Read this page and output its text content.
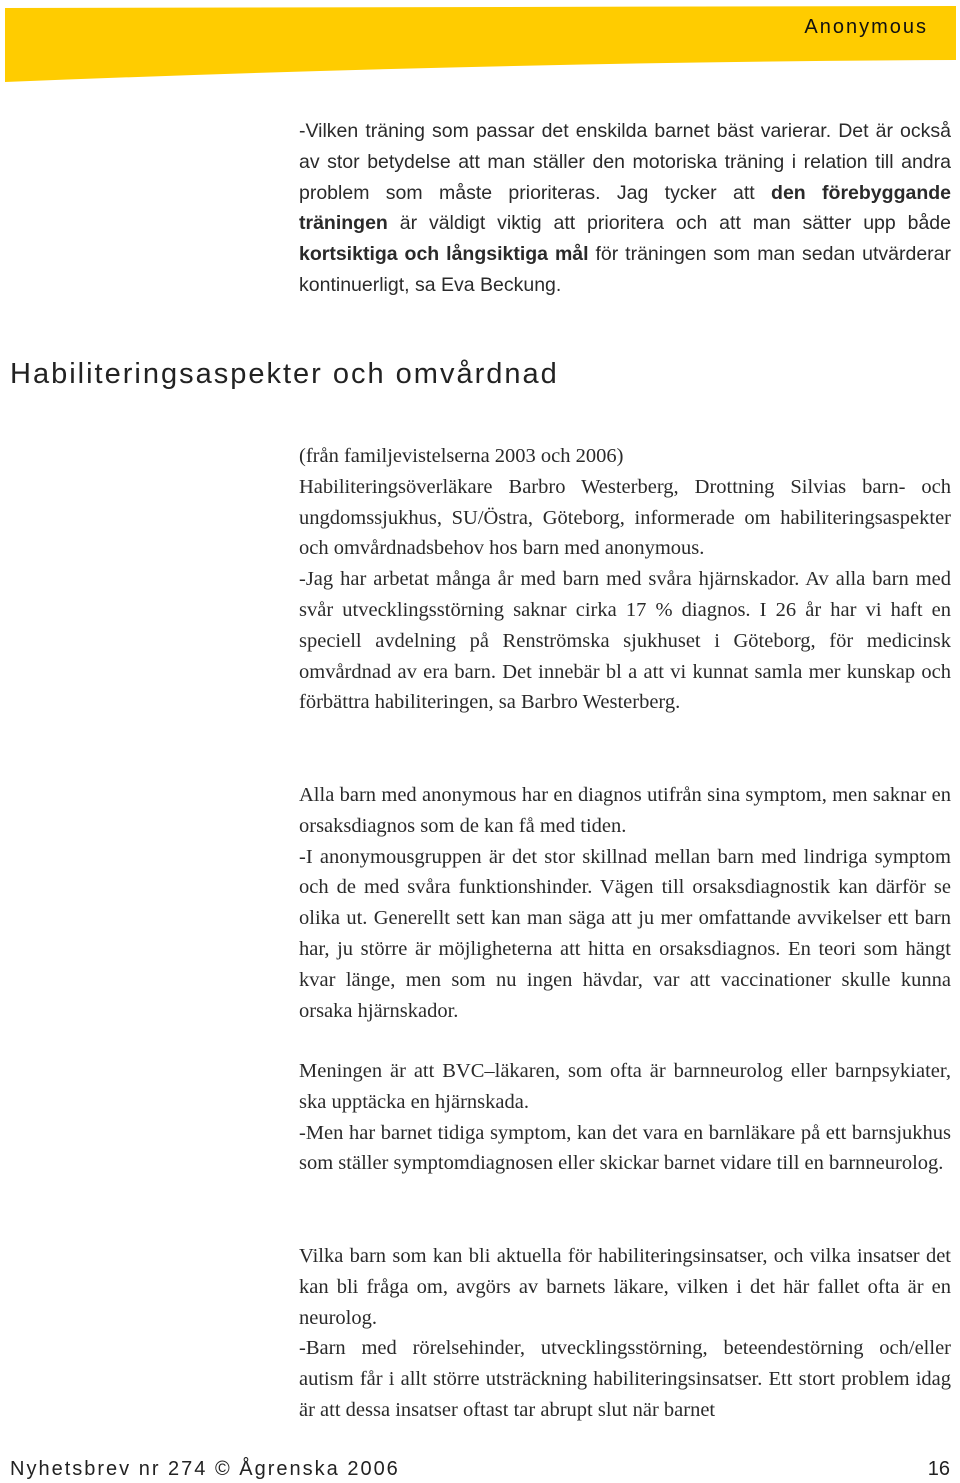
Anonymous
-Vilken träning som passar det enskilda barnet bäst varierar. Det är också av stor betydelse att man ställer den motoriska träning i relation till andra problem som måste prioriteras. Jag tycker att den förebyggande träningen är väldigt viktig att prioritera och att man sätter upp både kortsiktiga och långsiktiga mål för träningen som man sedan utvärderar kontinuerligt, sa Eva Beckung.
Habiliteringsaspekter och omvårdnad

(från familjevistelserna 2003 och 2006)

Habiliteringsöverläkare Barbro Westerberg, Drottning Silvias barn- och ungdomssjukhus, SU/Östra, Göteborg, informerade om habiliteringsaspekter och omvårdnadsbehov hos barn med anonymous.

-Jag har arbetat många år med barn med svåra hjärnskador. Av alla barn med svår utvecklingsstörning saknar cirka 17 % diagnos. I 26 år har vi haft en speciell avdelning på Renströmska sjukhuset i Göteborg, för medicinsk omvårdnad av era barn. Det innebär bl a att vi kunnat samla mer kunskap och förbättra habiliteringen, sa Barbro Westerberg.

Alla barn med anonymous har en diagnos utifrån sina symptom, men saknar en orsaksdiagnos som de kan få med tiden.

-I anonymousgruppen är det stor skillnad mellan barn med lindriga symptom och de med svåra funktionshinder. Vägen till orsaksdiagnostik kan därför se olika ut. Generellt sett kan man säga att ju mer omfattande avvikelser ett barn har, ju större är möjligheterna att hitta en orsaksdiagnos. En teori som hängt kvar länge, men som nu ingen hävdar, var att vaccinationer skulle kunna orsaka hjärnskador.

Meningen är att BVC–läkaren, som ofta är barnneurolog eller barnpsykiater, ska upptäcka en hjärnskada.

-Men har barnet tidiga symptom, kan det vara en barnläkare på ett barnsjukhus som ställer symptomdiagnosen eller skickar barnet vidare till en barnneurolog.

Vilka barn som kan bli aktuella för habiliteringsinsatser, och vilka insatser det kan bli fråga om, avgörs av barnets läkare, vilken i det här fallet ofta är en neurolog.

-Barn med rörelsehinder, utvecklingsstörning, beteendestörning och/eller autism får i allt större utsträckning habiliteringsinsatser. Ett stort problem idag är att dessa insatser oftast tar abrupt slut när barnet

Nyhetsbrev nr 274 © Ågrenska 2006	16
